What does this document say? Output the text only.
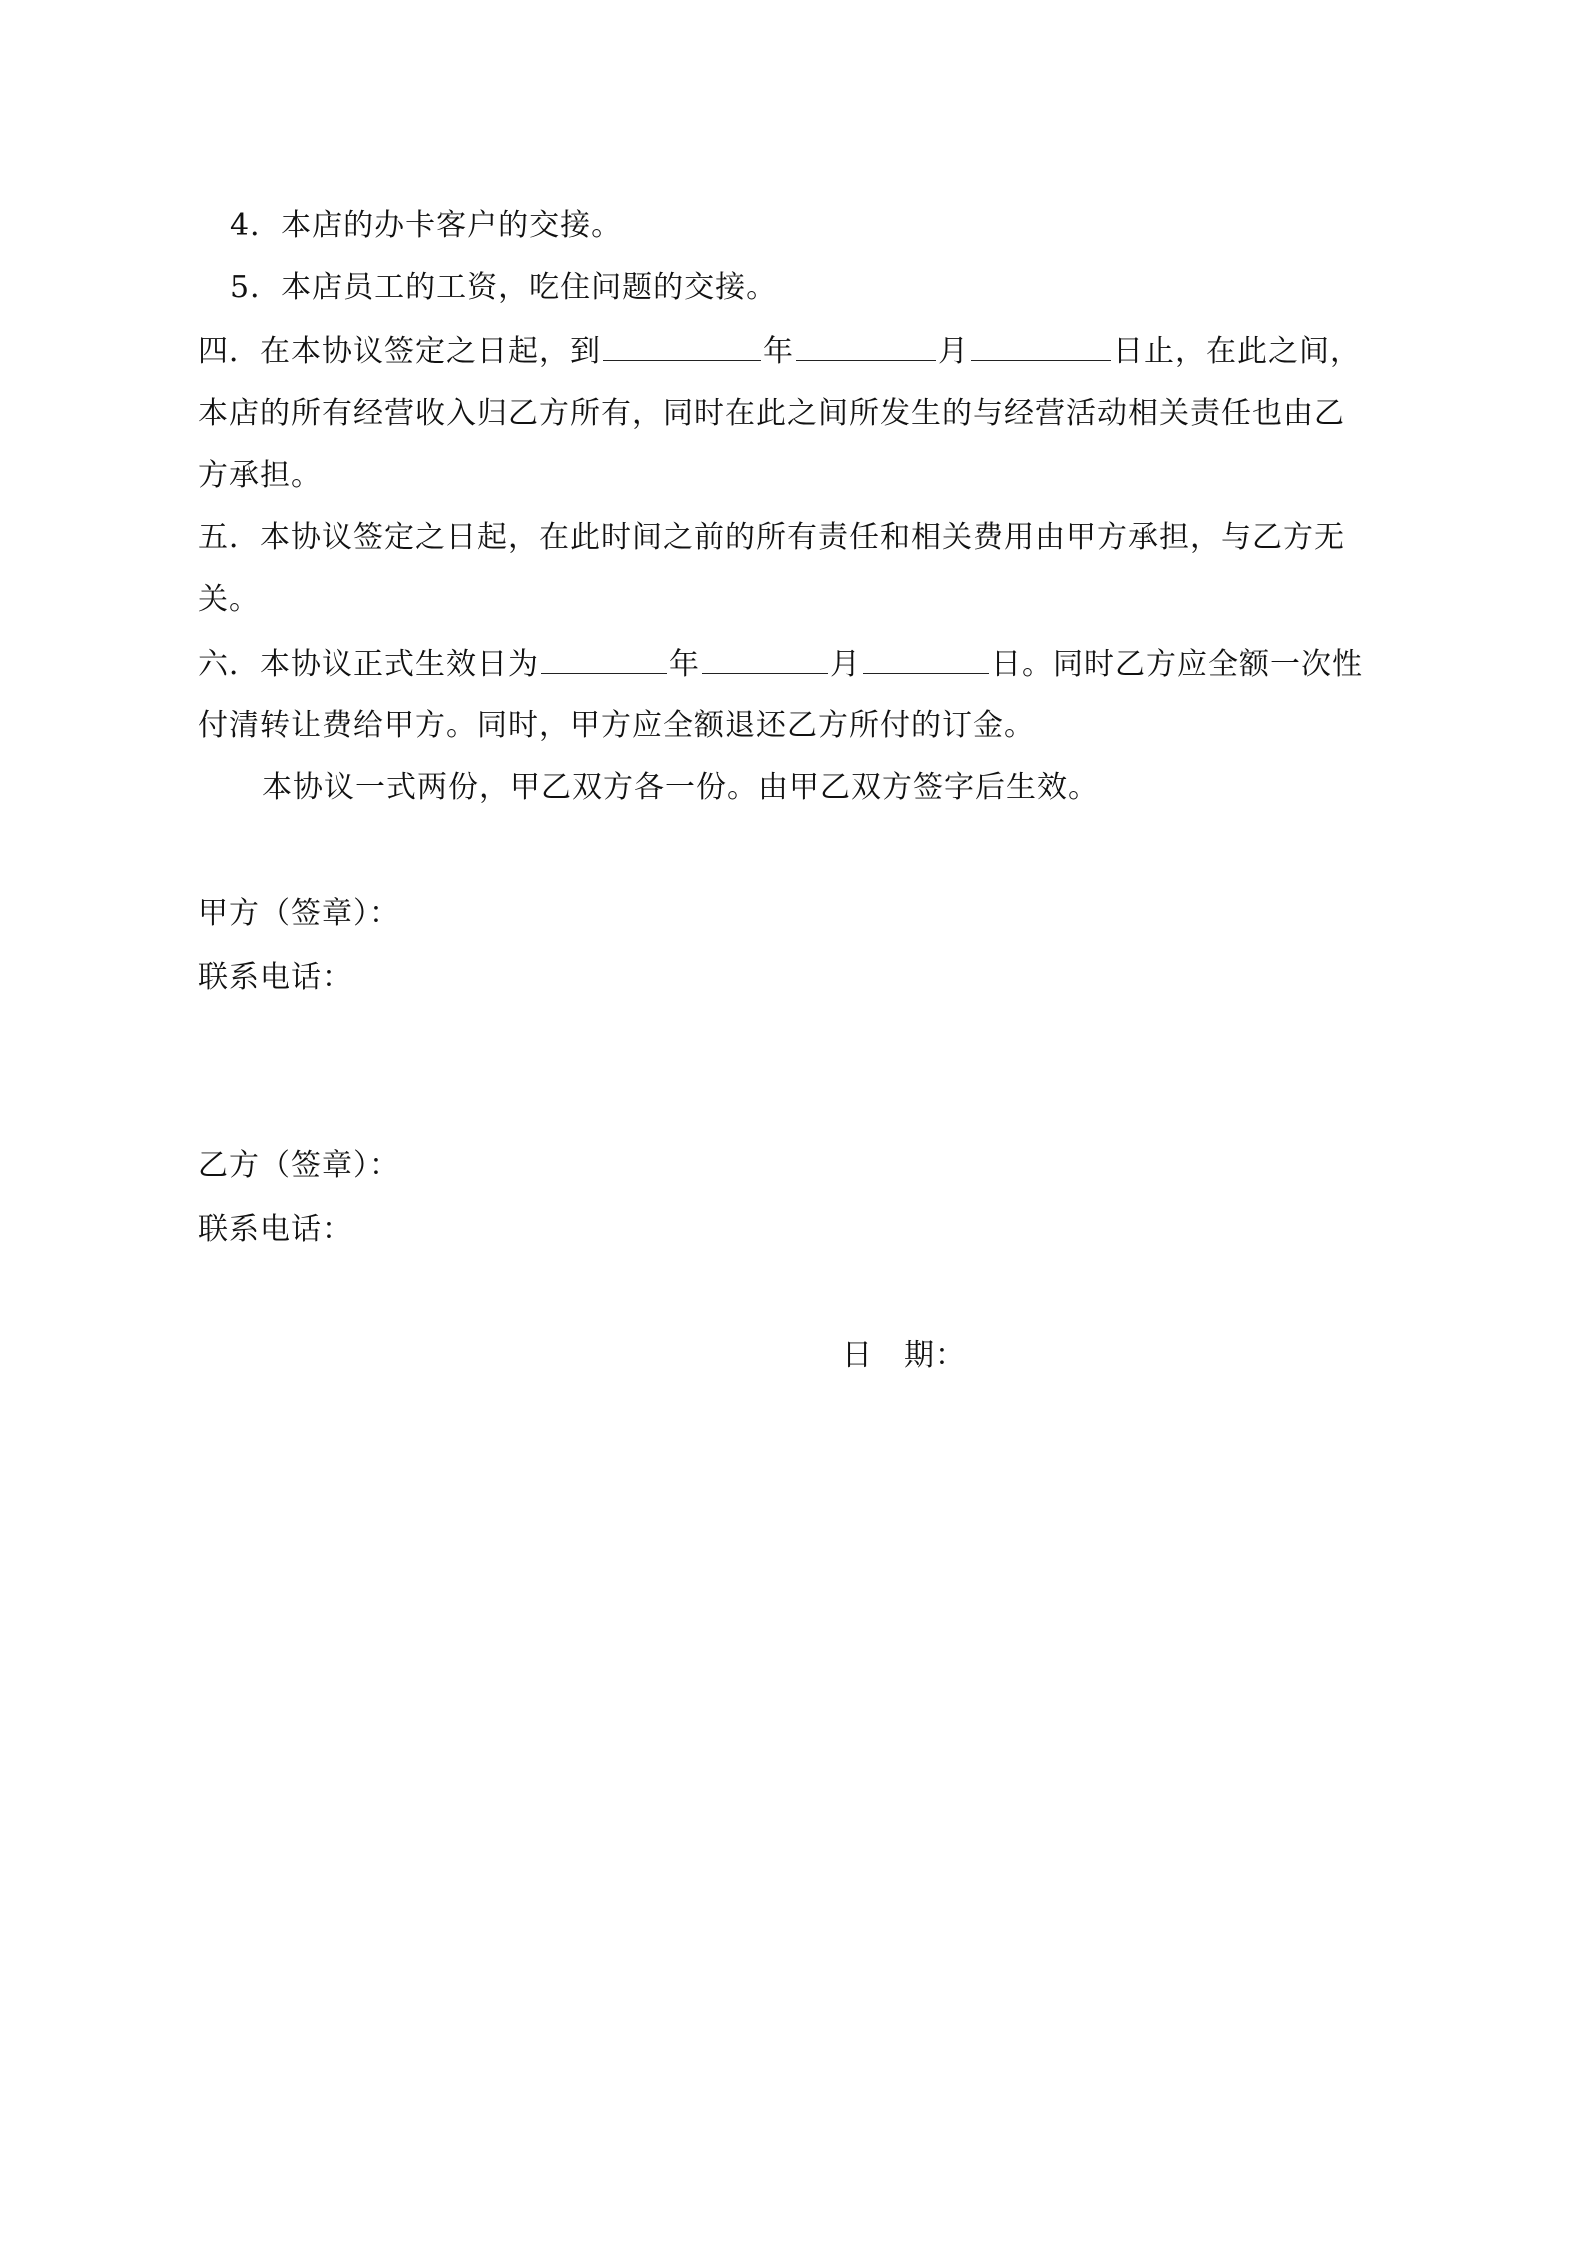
4．本店的办卡客户的交接。
5．本店员工的工资，吃住问题的交接。
四．在本协议签定之日起，到	年	月	日止，在此之间，
本店的所有经营收入归乙方所有，同时在此之间所发生的与经营活动相关责任也由乙
方承担。
五．本协议签定之日起，在此时间之前的所有责任和相关费用由甲方承担，与乙方无
关。
六．本协议正式生效日为	年	月	日。同时乙方应全额一次性
付清转让费给甲方。同时，甲方应全额退还乙方所付的订金。
本协议一式两份，甲乙双方各一份。由甲乙双方签字后生效。
甲方（签章）：
联系电话：
乙方（签章）：
联系电话：
日　期：
